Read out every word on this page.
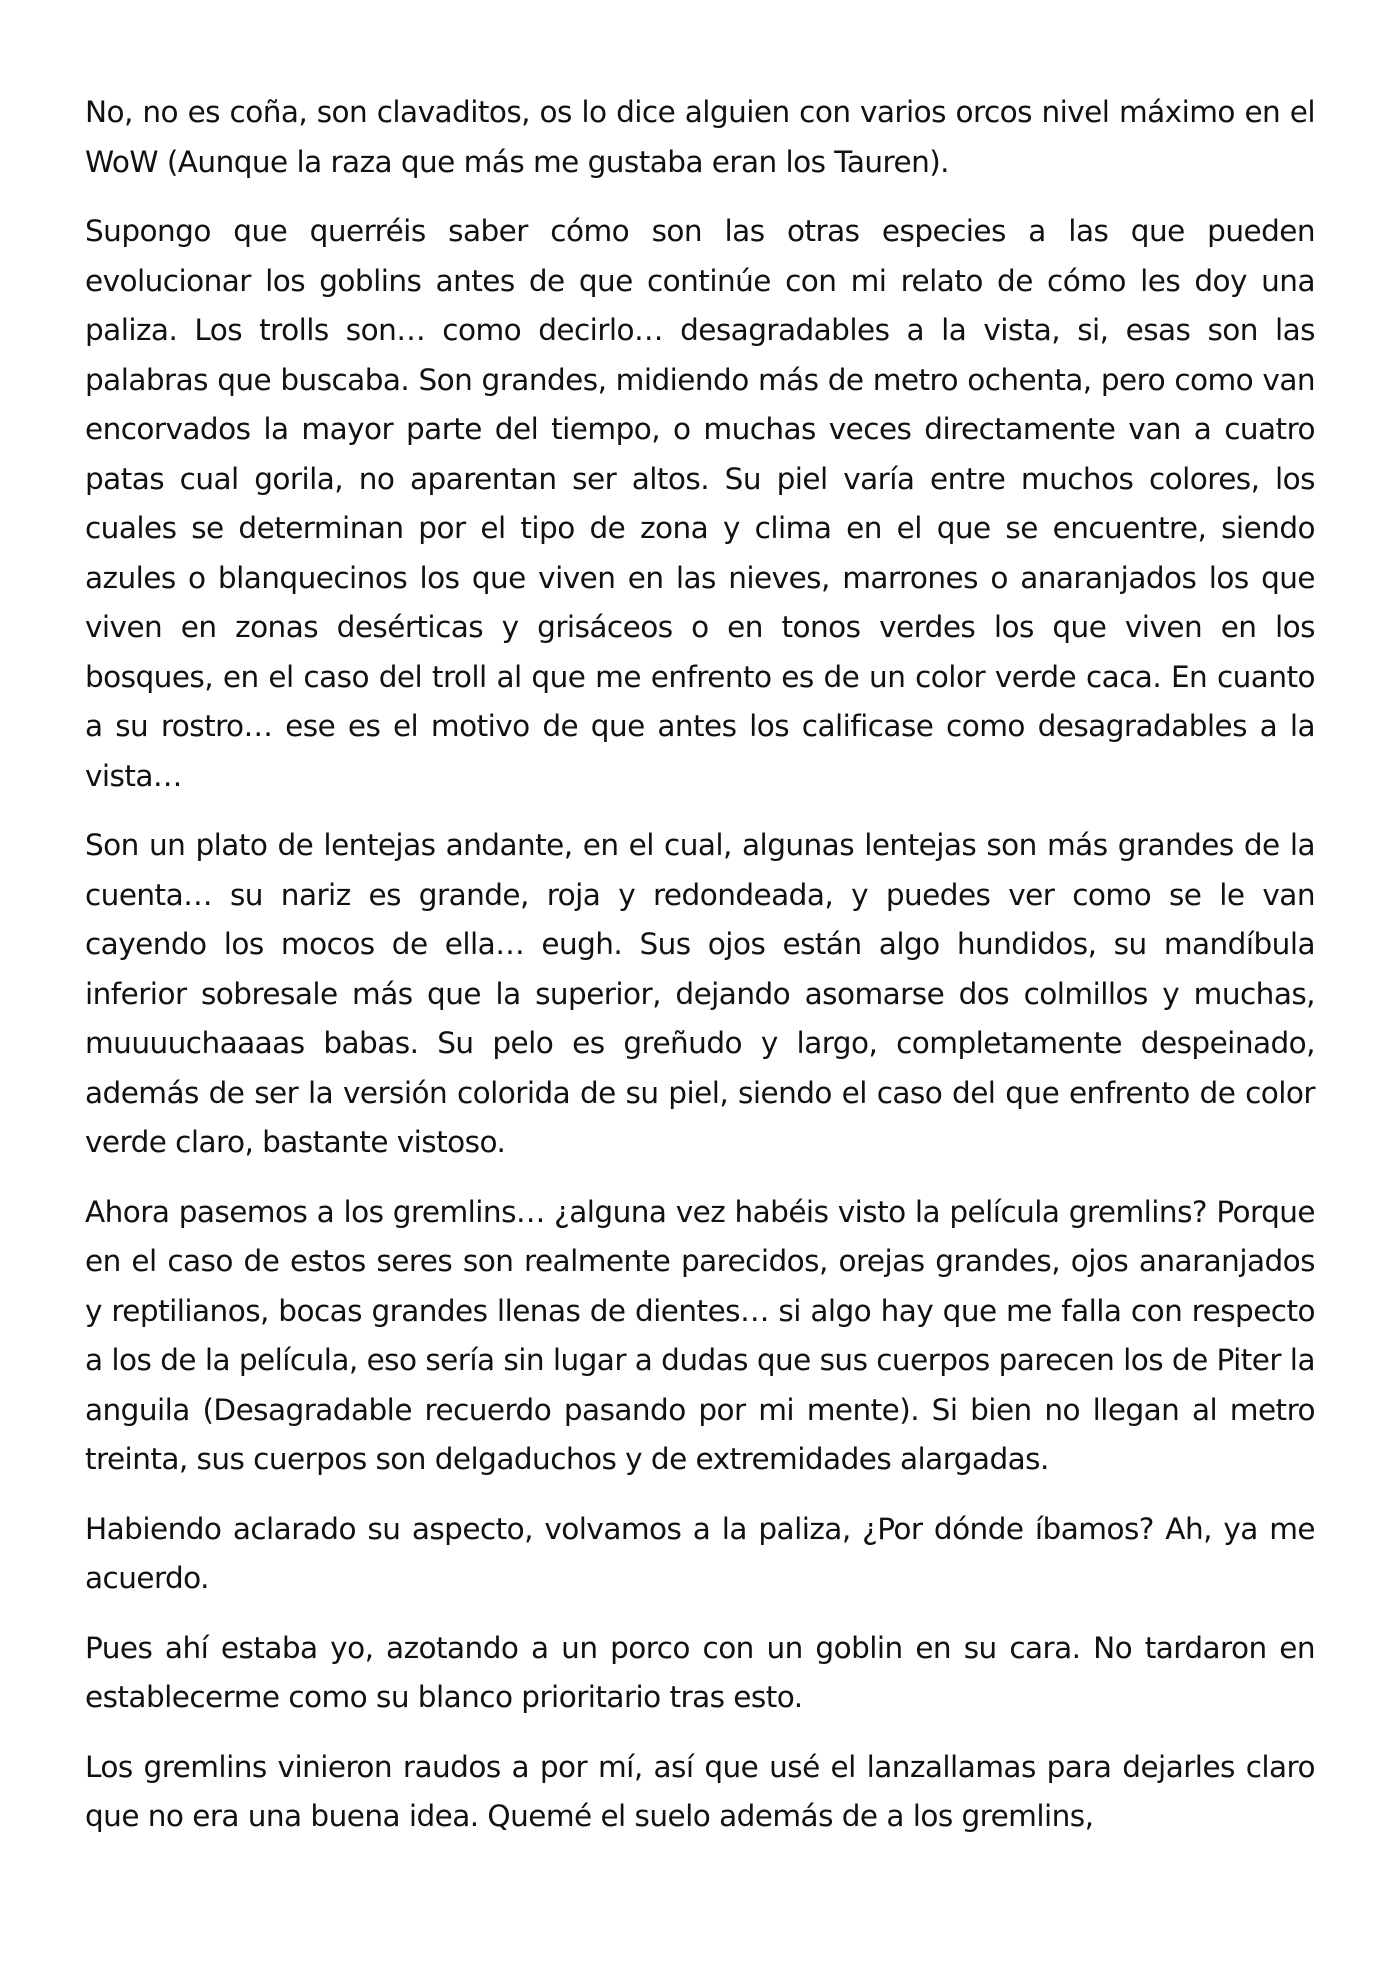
No, no es coña, son clavaditos, os lo dice alguien con varios orcos nivel máximo en el WoW (Aunque la raza que más me gustaba eran los Tauren).

Supongo que querréis saber cómo son las otras especies a las que pueden evolucionar los goblins antes de que continúe con mi relato de cómo les doy una paliza. Los trolls son… como decirlo… desagradables a la vista, si, esas son las palabras que buscaba. Son grandes, midiendo más de metro ochenta, pero como van encorvados la mayor parte del tiempo, o muchas veces directamente van a cuatro patas cual gorila, no aparentan ser altos. Su piel varía entre muchos colores, los cuales se determinan por el tipo de zona y clima en el que se encuentre, siendo azules o blanquecinos los que viven en las nieves, marrones o anaranjados los que viven en zonas desérticas y grisáceos o en tonos verdes los que viven en los bosques, en el caso del troll al que me enfrento es de un color verde caca. En cuanto a su rostro… ese es el motivo de que antes los calificase como desagradables a la vista…

Son un plato de lentejas andante, en el cual, algunas lentejas son más grandes de la cuenta… su nariz es grande, roja y redondeada, y puedes ver como se le van cayendo los mocos de ella… eugh. Sus ojos están algo hundidos, su mandíbula inferior sobresale más que la superior, dejando asomarse dos colmillos y muchas, muuuuchaaaas babas. Su pelo es greñudo y largo, completamente despeinado, además de ser la versión colorida de su piel, siendo el caso del que enfrento de color verde claro, bastante vistoso.

Ahora pasemos a los gremlins… ¿alguna vez habéis visto la película gremlins? Porque en el caso de estos seres son realmente parecidos, orejas grandes, ojos anaranjados y reptilianos, bocas grandes llenas de dientes… si algo hay que me falla con respecto a los de la película, eso sería sin lugar a dudas que sus cuerpos parecen los de Piter la anguila (Desagradable recuerdo pasando por mi mente). Si bien no llegan al metro treinta, sus cuerpos son delgaduchos y de extremidades alargadas.

Habiendo aclarado su aspecto, volvamos a la paliza, ¿Por dónde íbamos? Ah, ya me acuerdo.

Pues ahí estaba yo, azotando a un porco con un goblin en su cara. No tardaron en establecerme como su blanco prioritario tras esto.

Los gremlins vinieron raudos a por mí, así que usé el lanzallamas para dejarles claro que no era una buena idea. Quemé el suelo además de a los gremlins,
